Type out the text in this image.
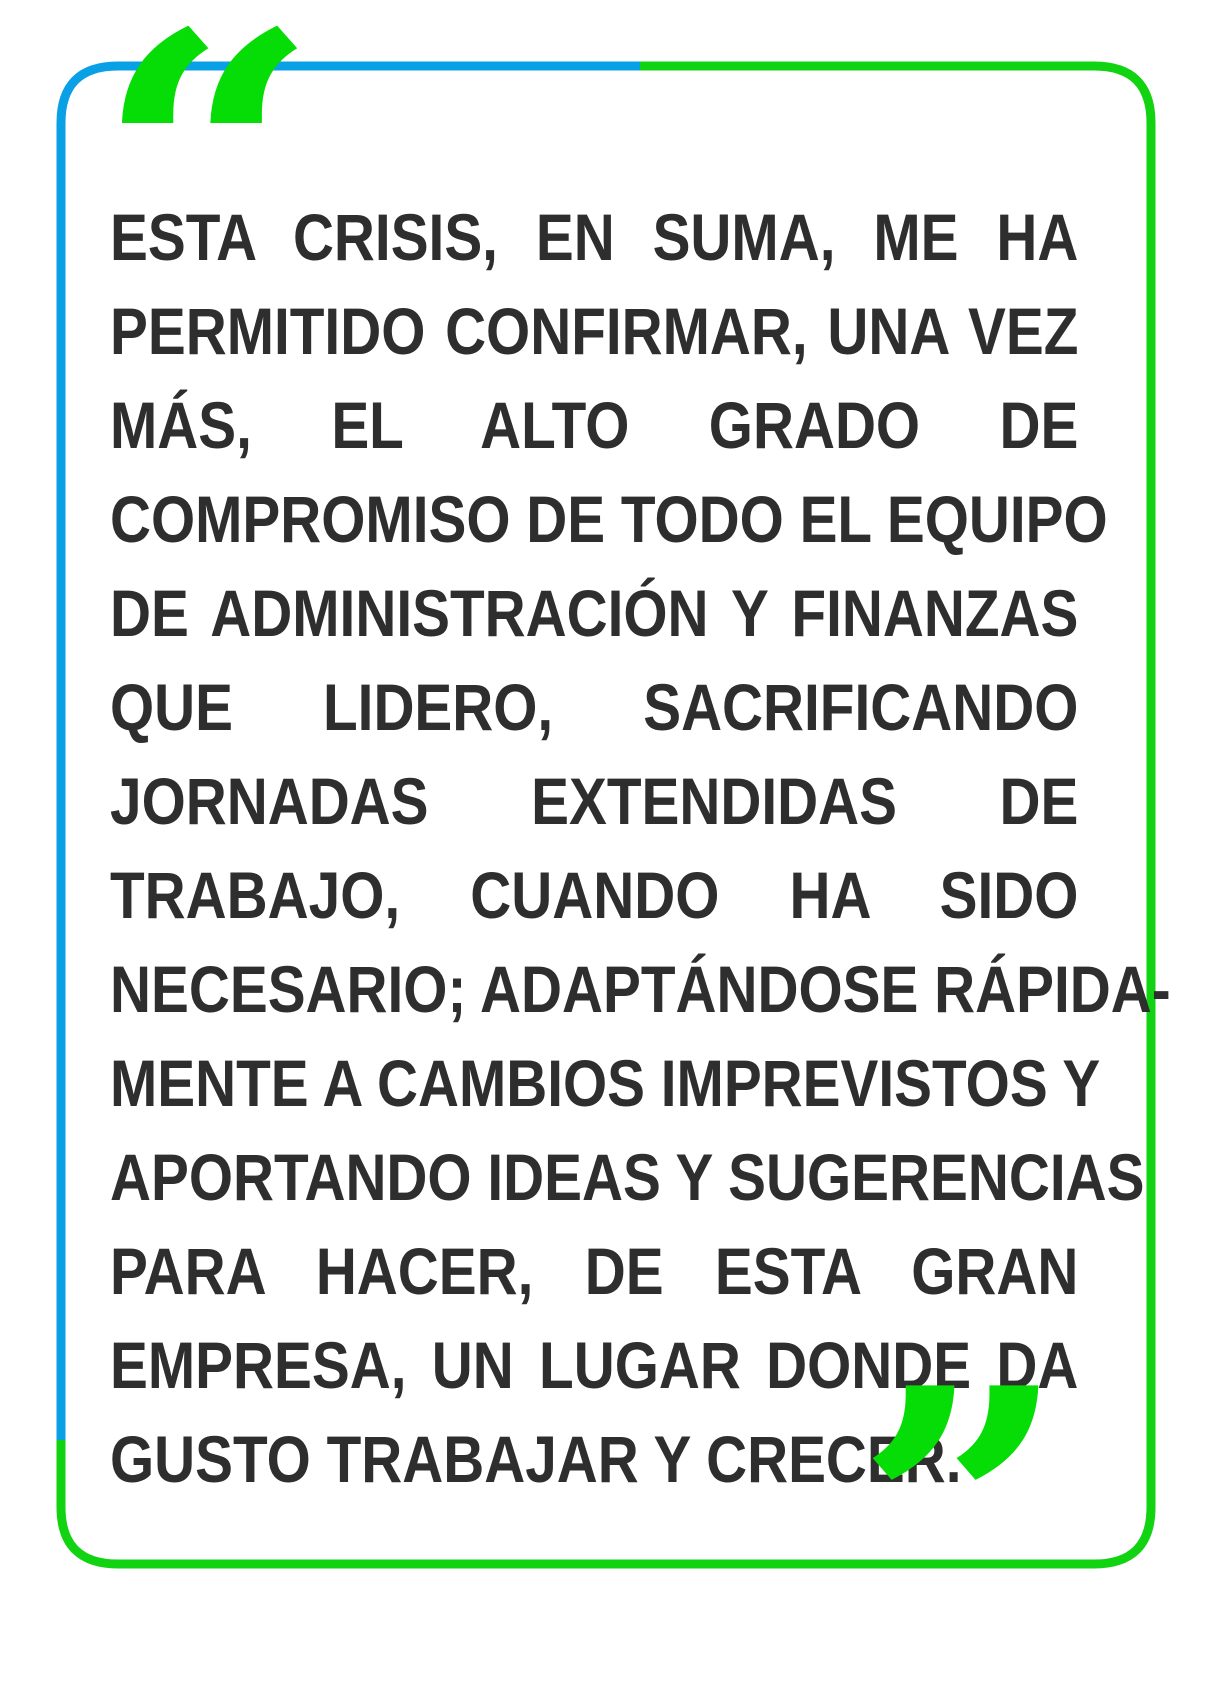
“
ESTA CRISIS, EN SUMA, ME HA
PERMITIDO CONFIRMAR, UNA VEZ
MÁS, EL ALTO GRADO DE
COMPROMISO DE TODO EL EQUIPO
DE ADMINISTRACIÓN Y FINANZAS
QUE LIDERO, SACRIFICANDO
JORNADAS EXTENDIDAS DE
TRABAJO, CUANDO HA SIDO
NECESARIO; ADAPTÁNDOSE RÁPIDA-
MENTE A CAMBIOS IMPREVISTOS Y
APORTANDO IDEAS Y SUGERENCIAS
PARA HACER, DE ESTA GRAN
EMPRESA, UN LUGAR DONDE DA
GUSTO TRABAJAR Y CRECER.
”
